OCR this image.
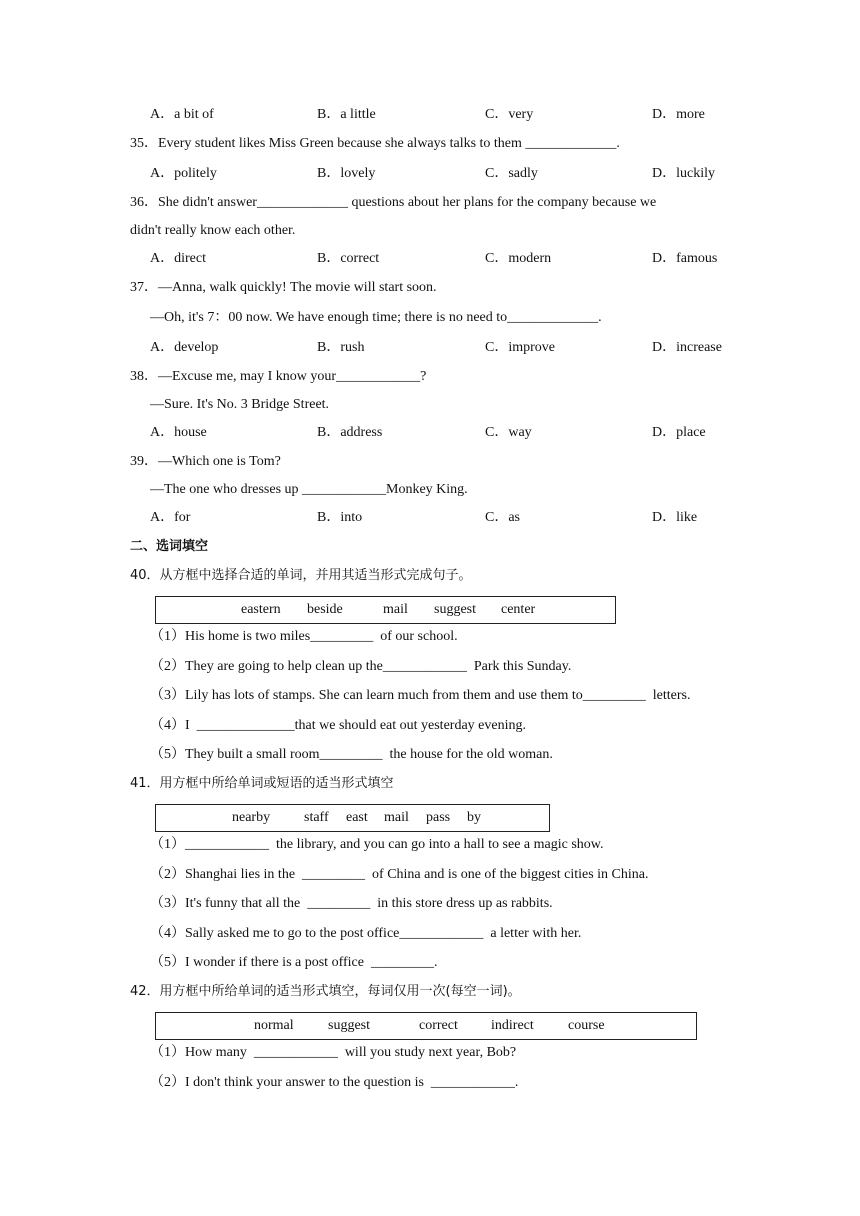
A．a bit of	B．a little	C．very	D．more
35．Every student likes Miss Green because she always talks to them _____________.
A．politely	B．lovely	C．sadly	D．luckily
36．She didn't answer_____________ questions about her plans for the company because we
didn't really know each other.
A．direct	B．correct	C．modern	D．famous
37．—Anna, walk quickly! The movie will start soon.
—Oh, it's 7：00 now. We have enough time; there is no need to_____________.
A．develop	B．rush	C．improve	D．increase
38．—Excuse me, may I know your____________?
—Sure. It's No. 3 Bridge Street.
A．house	B．address	C．way	D．place
39．—Which one is Tom?
—The one who dresses up ____________Monkey King.
A．for	B．into	C．as	D．like
二、选词填空
40．从方框中选择合适的单词，并用其适当形式完成句子。
eastern beside	mail suggest center
（1）His home is two miles_________  of our school.
（2）They are going to help clean up the____________  Park this Sunday.
（3）Lily has lots of stamps. She can learn much from them and use them to_________  letters.
（4）I  ______________that we should eat out yesterday evening.
（5）They built a small room_________  the house for the old woman.
41．用方框中所给单词或短语的适当形式填空
nearby staff east mail pass by
（1）____________  the library, and you can go into a hall to see a magic show.
（2）Shanghai lies in the  _________  of China and is one of the biggest cities in China.
（3）It's funny that all the  _________  in this store dress up as rabbits.
（4）Sally asked me to go to the post office____________  a letter with her.
（5）I wonder if there is a post office  _________.
42．用方框中所给单词的适当形式填空，每词仅用一次(每空一词)。
normal suggest	correct indirect course
（1）How many  ____________  will you study next year, Bob?
（2）I don't think your answer to the question is  ____________.
